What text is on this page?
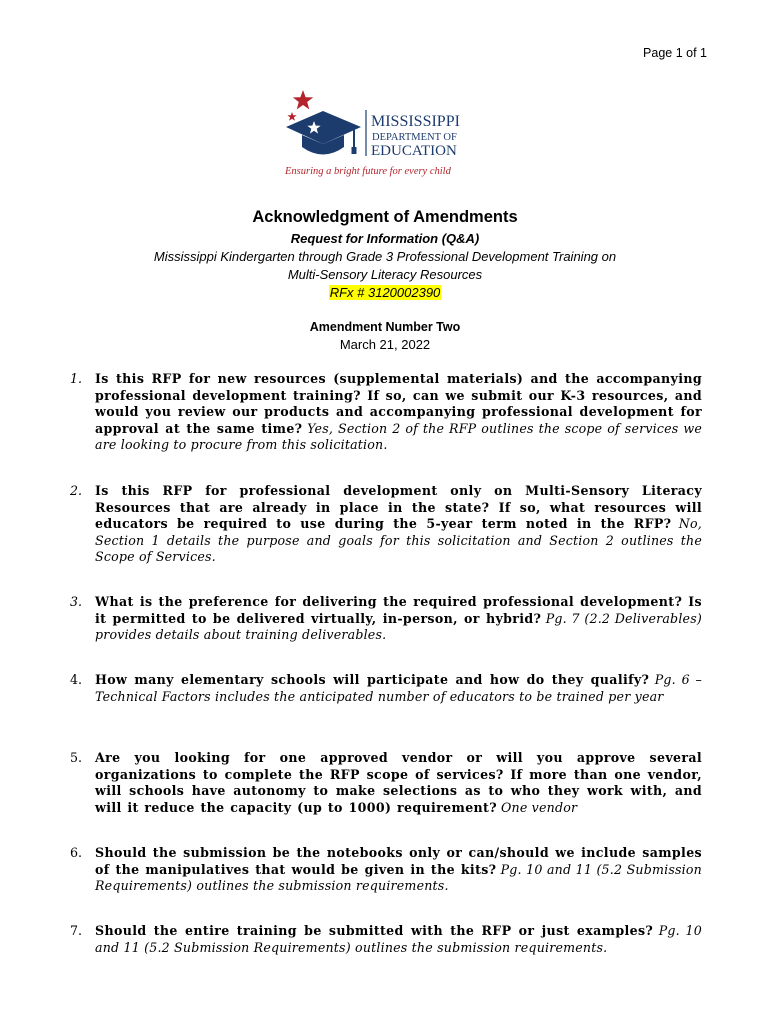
Page 1 of 1
MISSISSIPPI
DEPARTMENT OF
EDUCATION
Ensuring a bright future for every child
Acknowledgment of Amendments
Request for Information (Q&A)
Mississippi Kindergarten through Grade 3 Professional Development Training on
Multi-Sensory Literacy Resources
RFx # 3120002390
Amendment Number Two
March 21, 2022
1.	Is this RFP for new resources (supplemental materials) and the accompanying professional development training? If so, can we submit our K-3 resources, and would you review our products and accompanying professional development for approval at the same time? Yes, Section 2 of the RFP outlines the scope of services we are looking to procure from this solicitation.
2.	Is this RFP for professional development only on Multi-Sensory Literacy Resources that are already in place in the state? If so, what resources will educators be required to use during the 5-year term noted in the RFP? No, Section 1 details the purpose and goals for this solicitation and Section 2 outlines the Scope of Services.
3.	What is the preference for delivering the required professional development? Is it permitted to be delivered virtually, in-person, or hybrid? Pg. 7 (2.2 Deliverables) provides details about training deliverables.
4.	How many elementary schools will participate and how do they qualify? Pg. 6 – Technical Factors includes the anticipated number of educators to be trained per year
5.	Are you looking for one approved vendor or will you approve several organizations to complete the RFP scope of services? If more than one vendor, will schools have autonomy to make selections as to who they work with, and will it reduce the capacity (up to 1000) requirement? One vendor
6.	Should the submission be the notebooks only or can/should we include samples of the manipulatives that would be given in the kits? Pg. 10 and 11 (5.2 Submission Requirements) outlines the submission requirements.
7.	Should the entire training be submitted with the RFP or just examples? Pg. 10 and 11 (5.2 Submission Requirements) outlines the submission requirements.
